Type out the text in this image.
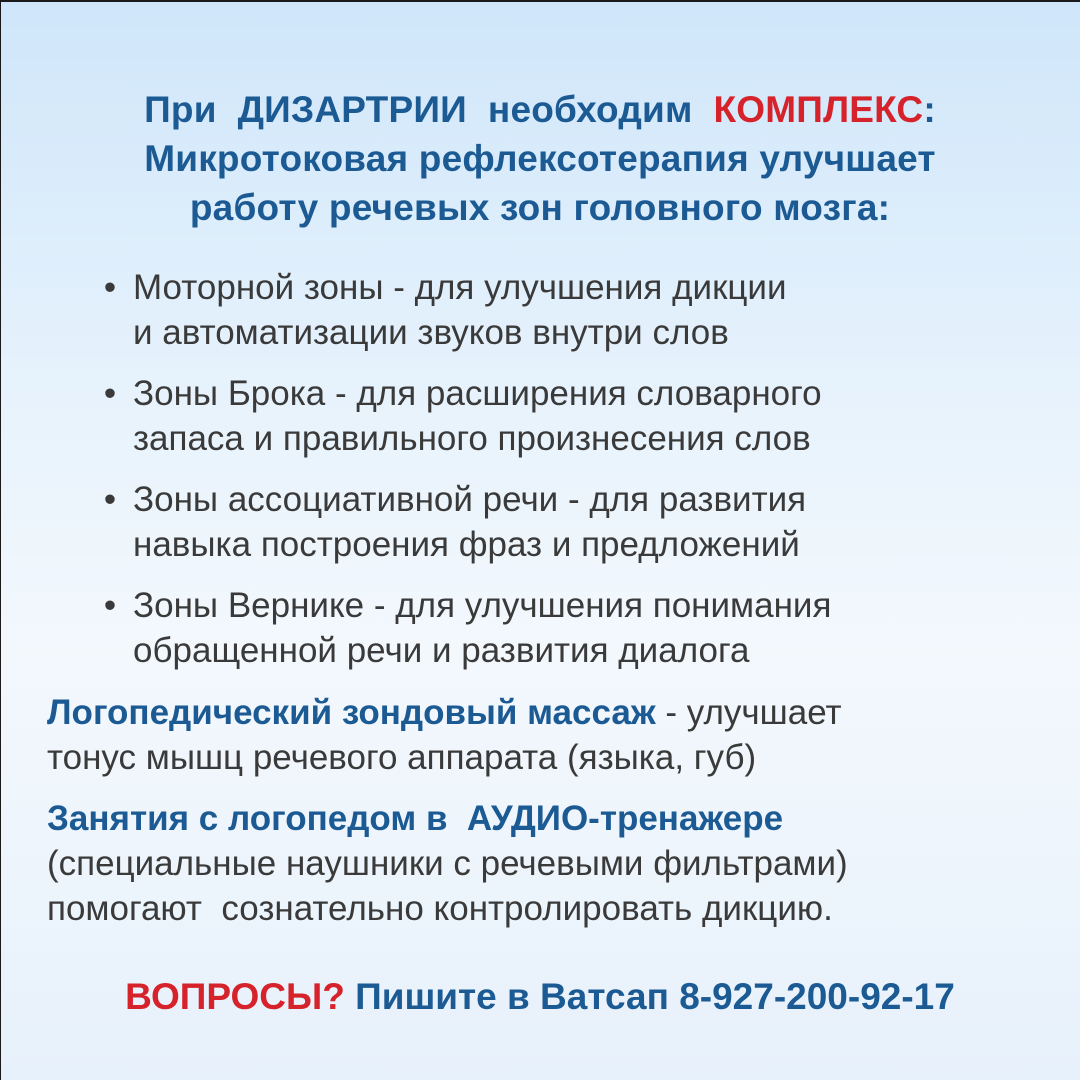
При  ДИЗАРТРИИ  необходим  КОМПЛЕКС:
Микротоковая рефлексотерапия улучшает
работу речевых зон головного мозга:
• Моторной зоны - для улучшения дикции
и автоматизации звуков внутри слов
• Зоны Брока - для расширения словарного
запаса и правильного произнесения слов
• Зоны ассоциативной речи - для развития
навыка построения фраз и предложений
• Зоны Вернике - для улучшения понимания
обращенной речи и развития диалога
Логопедический зондовый массаж - улучшает
тонус мышц речевого аппарата (языка, губ)
Занятия с логопедом в  АУДИО-тренажере
(специальные наушники с речевыми фильтрами)
помогают  сознательно контролировать дикцию.
ВОПРОСЫ? Пишите в Ватсап 8-927-200-92-17
